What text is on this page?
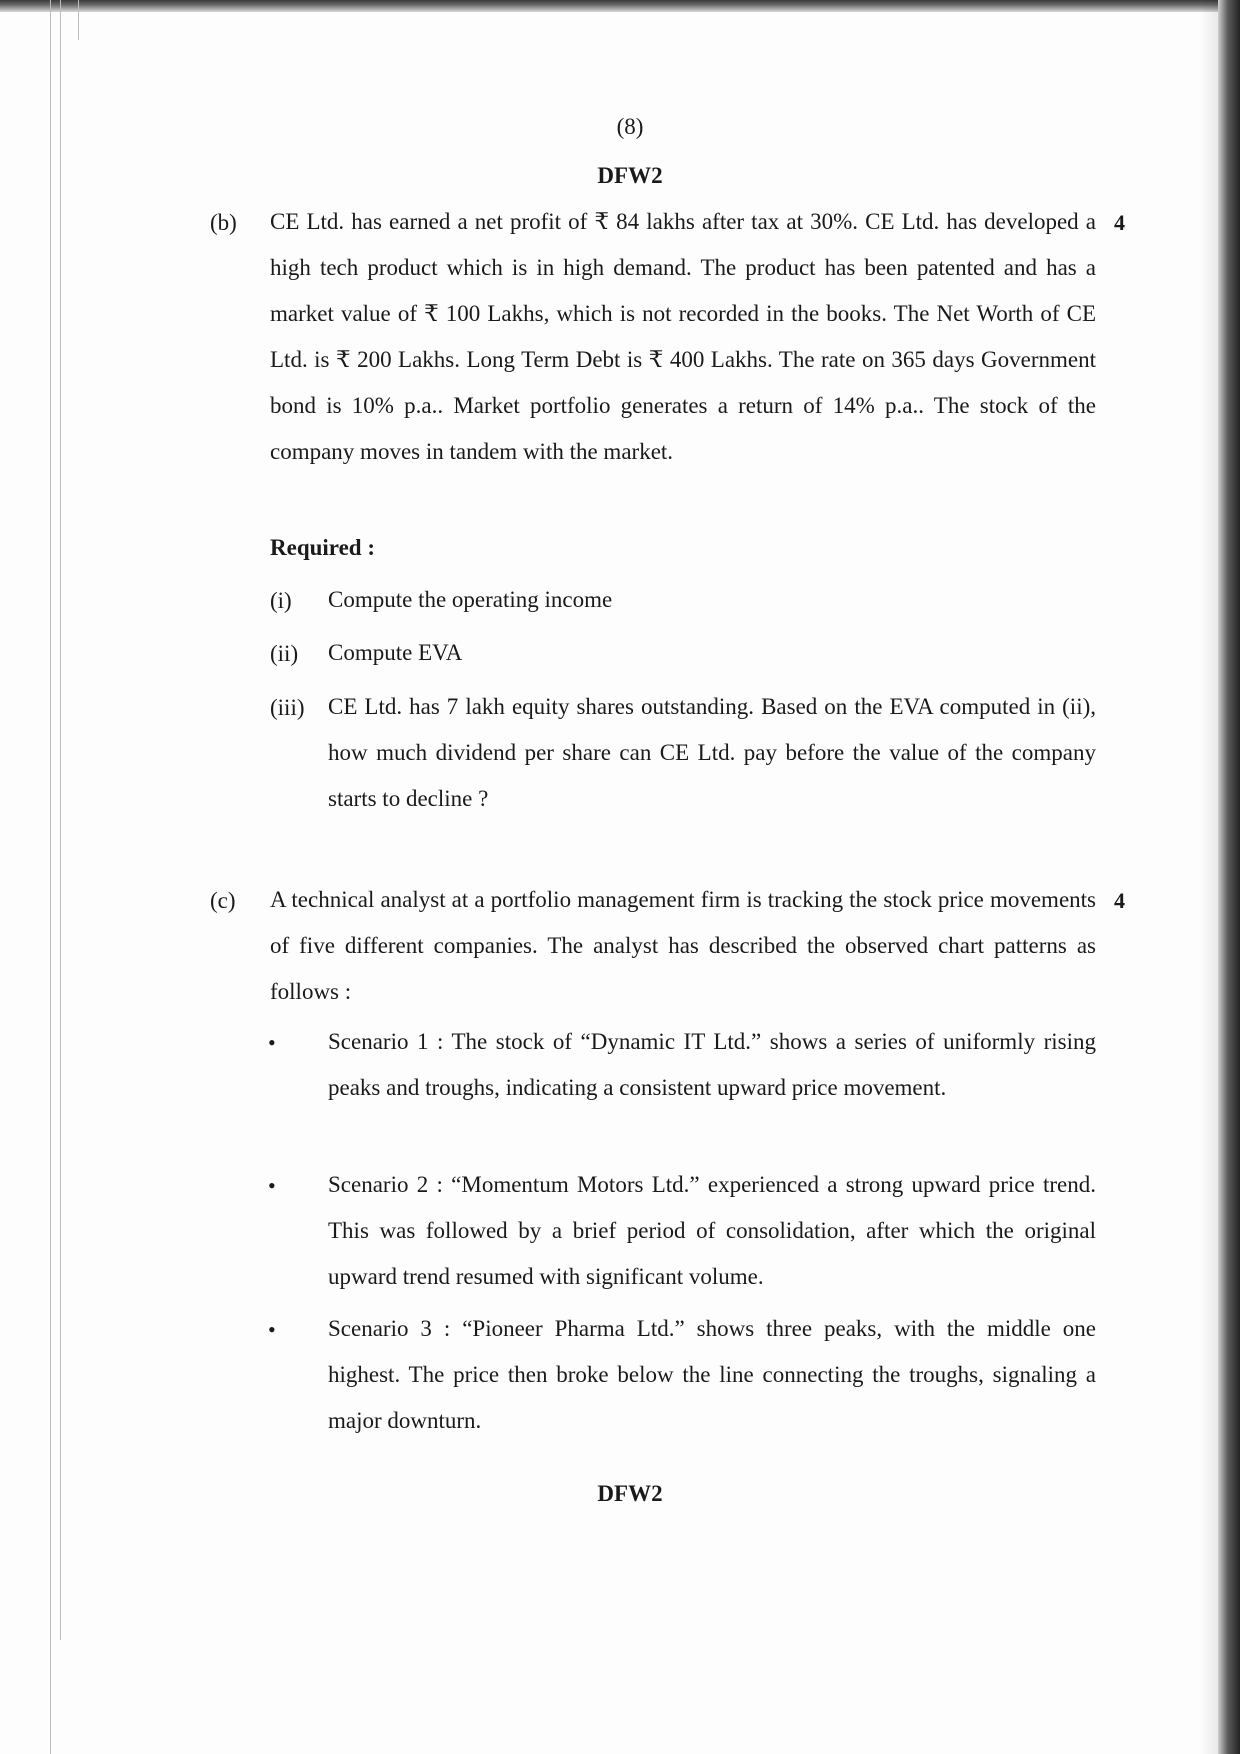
(8)
DFW2
(b)	4
CE Ltd. has earned a net profit of ₹ 84 lakhs after tax at 30%. CE Ltd. has developed a high tech product which is in high demand. The product has been patented and has a market value of ₹ 100 Lakhs, which is not recorded in the books. The Net Worth of CE Ltd. is ₹ 200 Lakhs. Long Term Debt is ₹ 400 Lakhs. The rate on 365 days Government bond is 10% p.a.. Market portfolio generates a return of 14% p.a.. The stock of the company moves in tandem with the market.
Required :
(i) Compute the operating income
(ii) Compute EVA
(iii) CE Ltd. has 7 lakh equity shares outstanding. Based on the EVA computed in (ii), how much dividend per share can CE Ltd. pay before the value of the company starts to decline ?
(c)	4
A technical analyst at a portfolio management firm is tracking the stock price movements of five different companies. The analyst has described the observed chart patterns as follows :
• Scenario 1 : The stock of “Dynamic IT Ltd.” shows a series of uniformly rising peaks and troughs, indicating a consistent upward price movement.
• Scenario 2 : “Momentum Motors Ltd.” experienced a strong upward price trend. This was followed by a brief period of consolidation, after which the original upward trend resumed with significant volume.
• Scenario 3 : “Pioneer Pharma Ltd.” shows three peaks, with the middle one highest. The price then broke below the line connecting the troughs, signaling a major downturn.
DFW2
